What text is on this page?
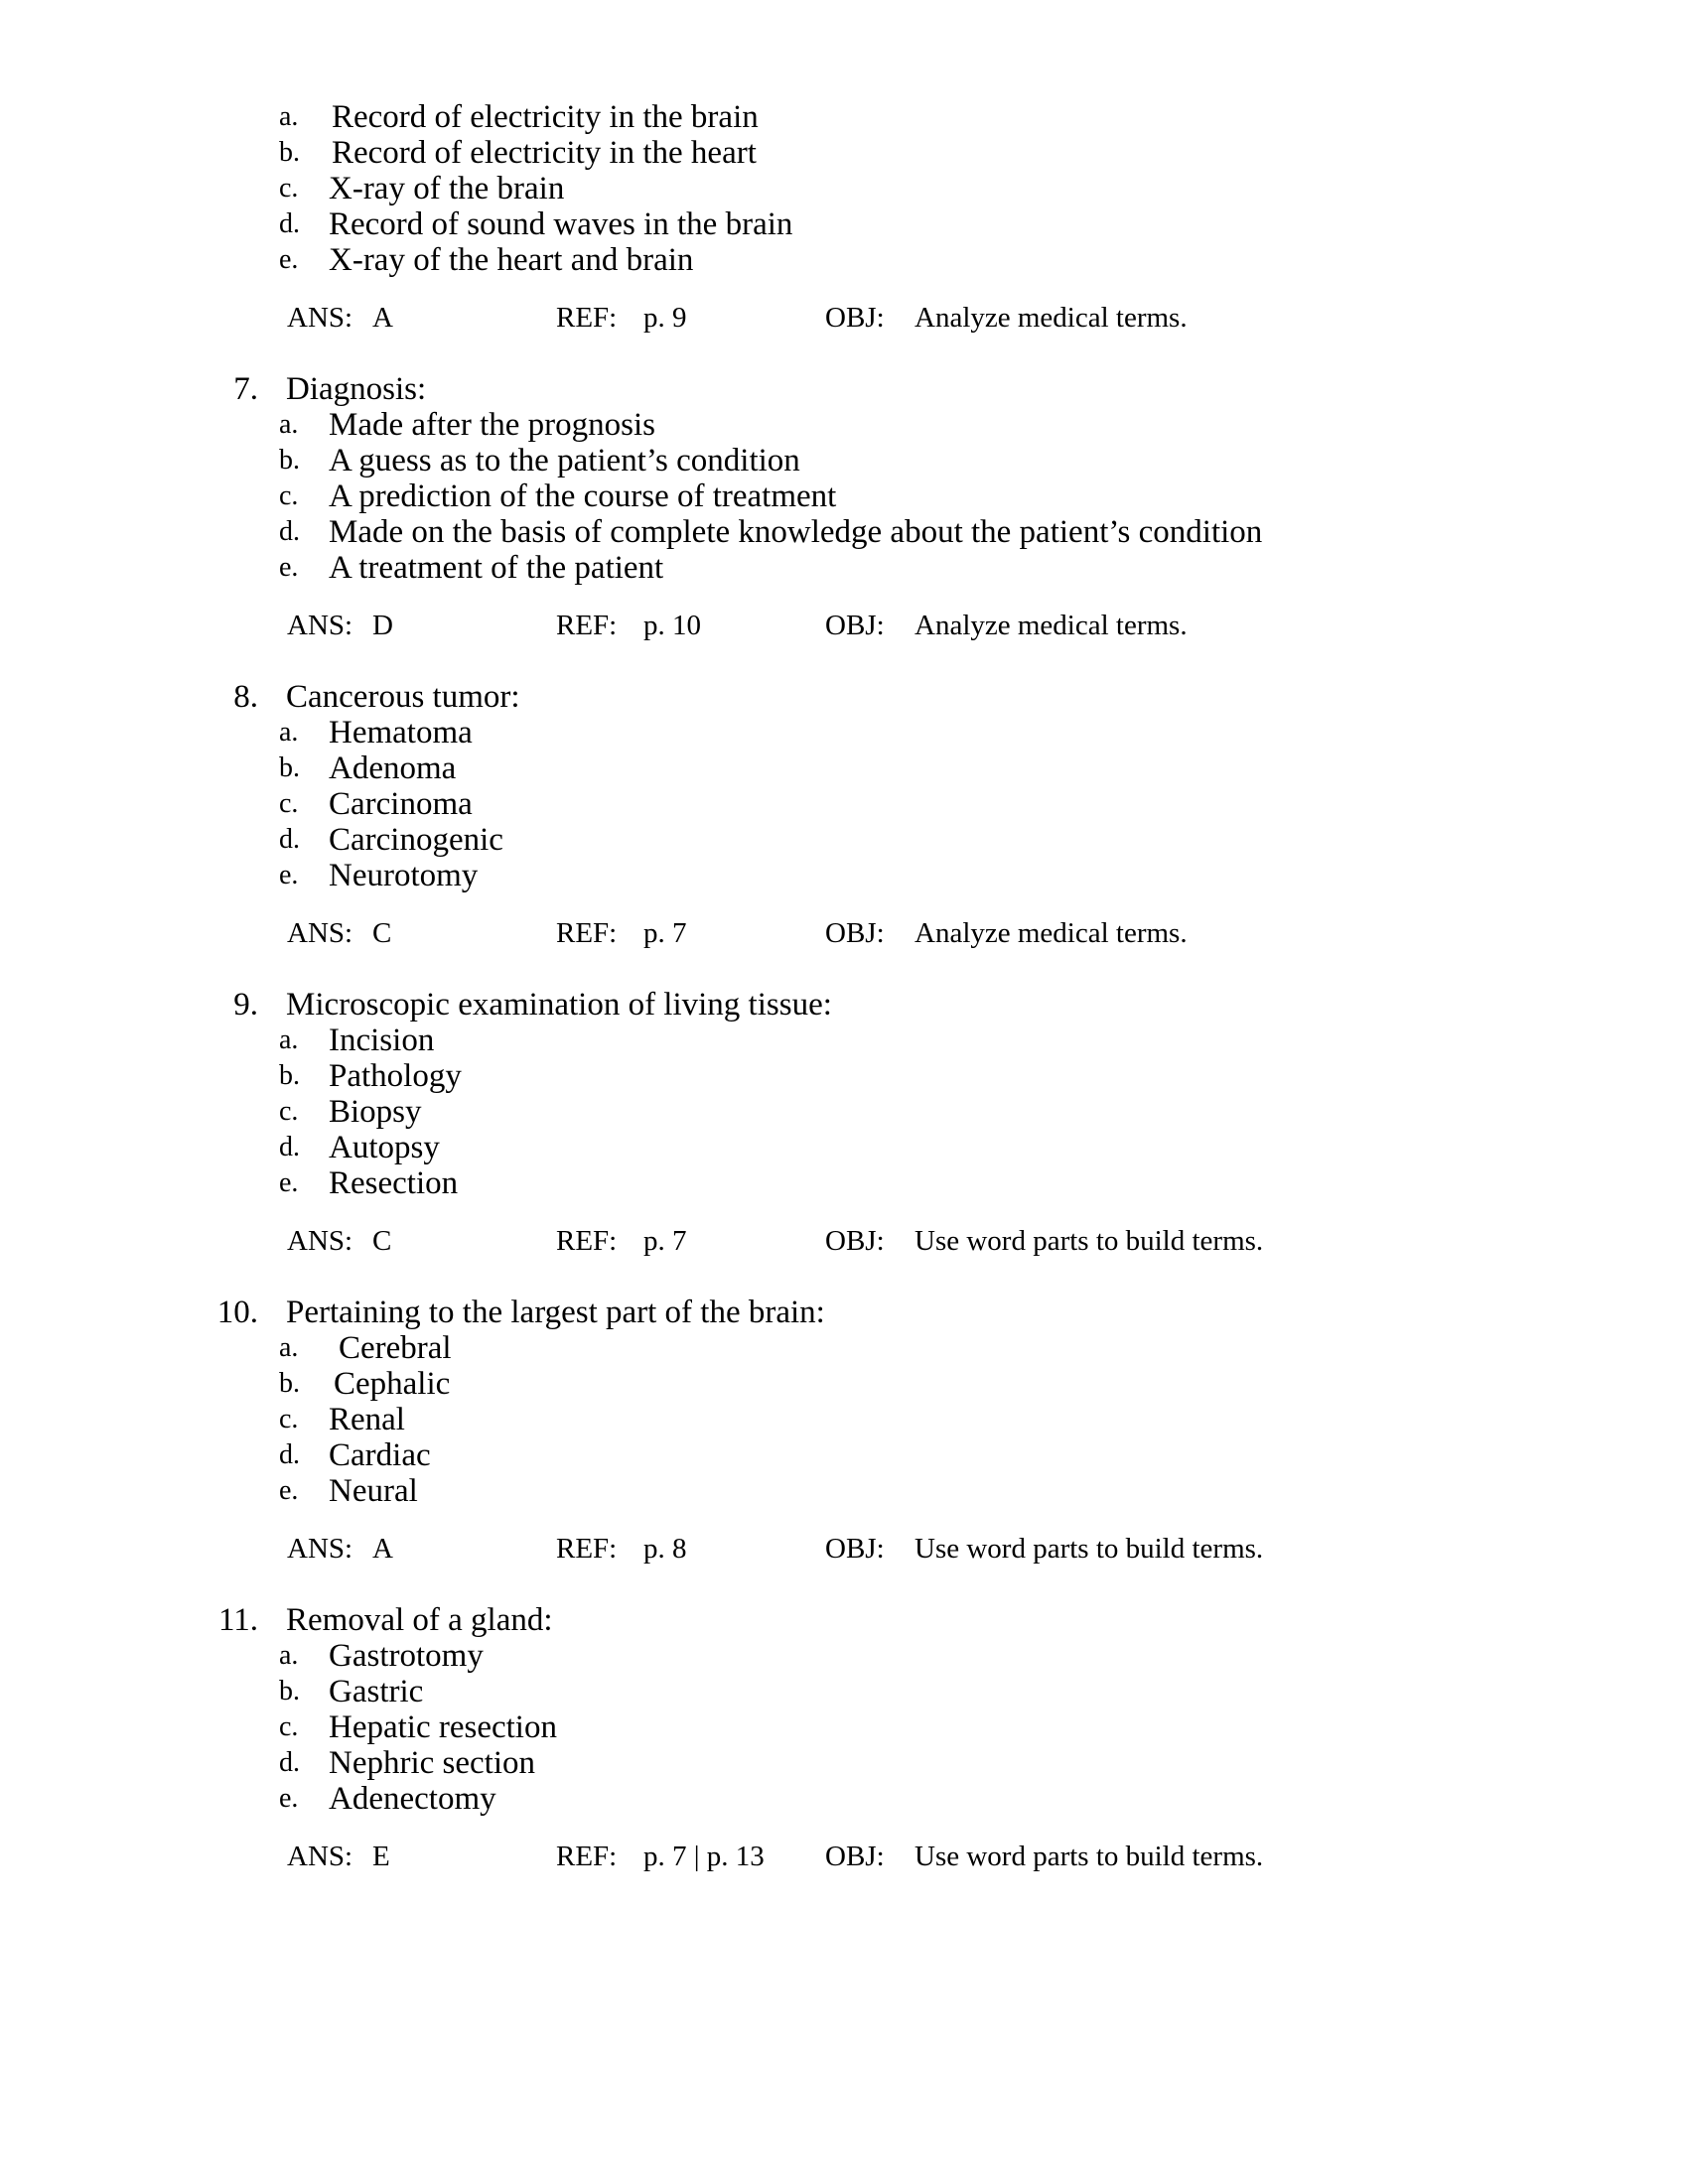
a. Record of electricity in the brain
b. Record of electricity in the heart
c. X-ray of the brain
d. Record of sound waves in the brain
e. X-ray of the heart and brain
ANS: A	REF: p. 9	OBJ: Analyze medical terms.
7. Diagnosis:
a. Made after the prognosis
b. A guess as to the patient’s condition
c. A prediction of the course of treatment
d. Made on the basis of complete knowledge about the patient’s condition
e. A treatment of the patient
ANS: D	REF: p. 10	OBJ: Analyze medical terms.
8. Cancerous tumor:
a. Hematoma
b. Adenoma
c. Carcinoma
d. Carcinogenic
e. Neurotomy
ANS: C	REF: p. 7	OBJ: Analyze medical terms.
9. Microscopic examination of living tissue:
a. Incision
b. Pathology
c. Biopsy
d. Autopsy
e. Resection
ANS: C	REF: p. 7	OBJ: Use word parts to build terms.
10. Pertaining to the largest part of the brain:
a. Cerebral
b. Cephalic
c. Renal
d. Cardiac
e. Neural
ANS: A	REF: p. 8	OBJ: Use word parts to build terms.
11. Removal of a gland:
a. Gastrotomy
b. Gastric
c. Hepatic resection
d. Nephric section
e. Adenectomy
ANS: E	REF: p. 7 | p. 13 OBJ: Use word parts to build terms.
